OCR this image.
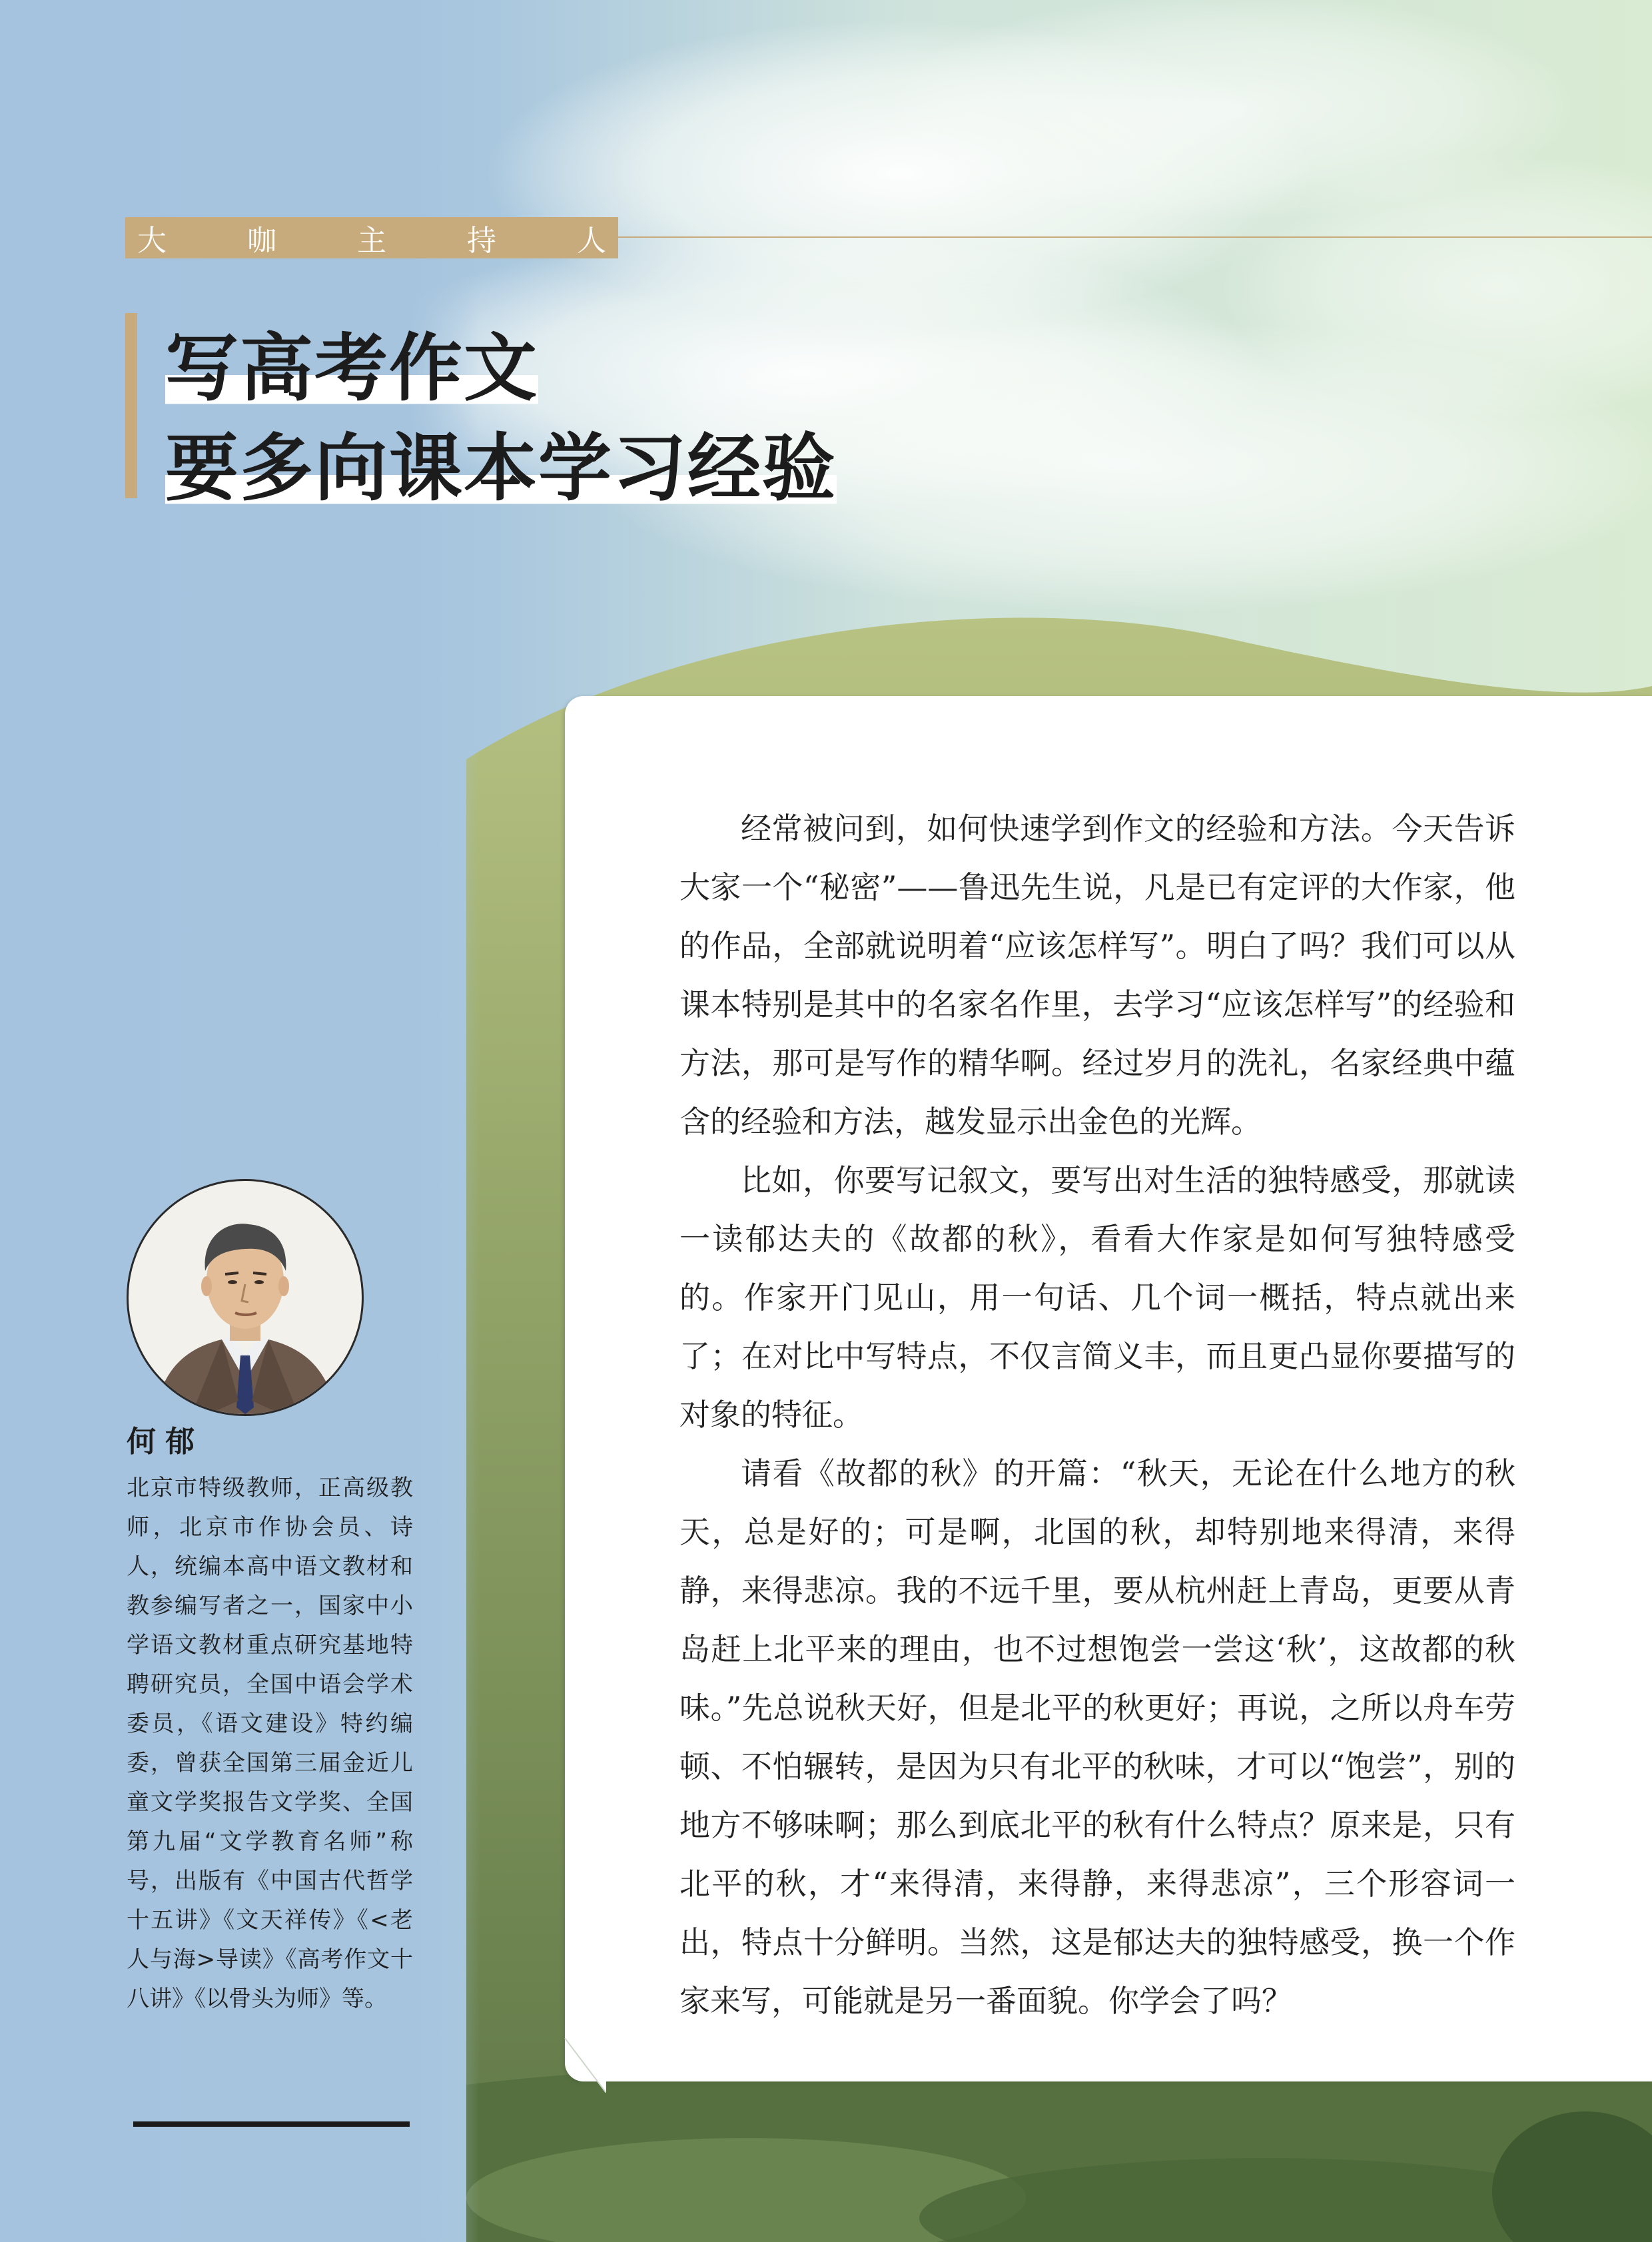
大	咖	主	持	人
写高考作文
要多向课本学习经验

经常被问到，如何快速学到作文的经验和方法。今天告诉大家一个“秘密”——鲁迅先生说，凡是已有定评的大作家，他的作品，全部就说明着“应该怎样写”。明白了吗？我们可以从课本特别是其中的名家名作里，去学习“应该怎样写”的经验和方法，那可是写作的精华啊。经过岁月的洗礼，名家经典中蕴含的经验和方法，越发显示出金色的光辉。

比如，你要写记叙文，要写出对生活的独特感受，那就读一读郁达夫的《故都的秋》，看看大作家是如何写独特感受的。作家开门见山，用一句话、几个词一概括，特点就出来了；在对比中写特点，不仅言简义丰，而且更凸显你要描写的对象的特征。

请看《故都的秋》的开篇：“秋天，无论在什么地方的秋天，总是好的；可是啊，北国的秋，却特别地来得清，来得静，来得悲凉。我的不远千里，要从杭州赶上青岛，更要从青岛赶上北平来的理由，也不过想饱尝一尝这‘秋’，这故都的秋味。”先总说秋天好，但是北平的秋更好；再说，之所以舟车劳顿、不怕辗转，是因为只有北平的秋味，才可以“饱尝”，别的地方不够味啊；那么到底北平的秋有什么特点？原来是，只有北平的秋，才“来得清，来得静，来得悲凉”，三个形容词一出，特点十分鲜明。当然，这是郁达夫的独特感受，换一个作家来写，可能就是另一番面貌。你学会了吗？

何郁
北京市特级教师，正高级教师，北京市作协会员、诗人，统编本高中语文教材和教参编写者之一，国家中小学语文教材重点研究基地特聘研究员，全国中语会学术委员，《语文建设》特约编委，曾获全国第三届金近儿童文学奖报告文学奖、全国第九届“文学教育名师”称号，出版有《中国古代哲学十五讲》《文天祥传》《<老人与海>导读》《高考作文十八讲》《以骨头为师》等。
